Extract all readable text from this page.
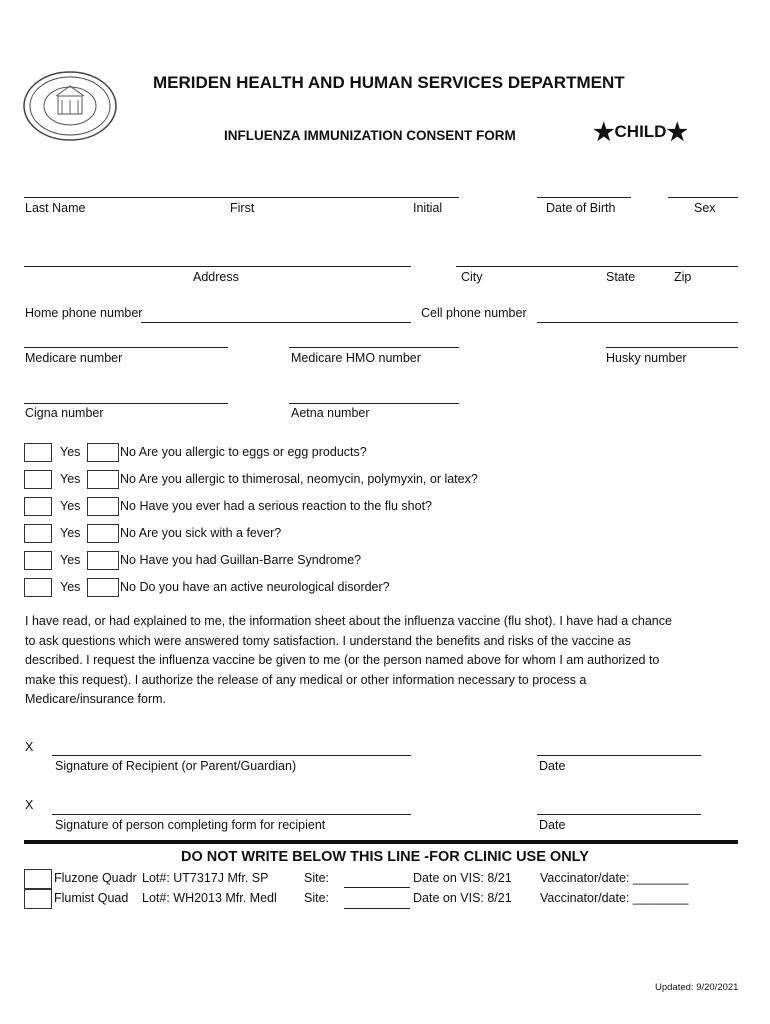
MERIDEN HEALTH AND HUMAN SERVICES DEPARTMENT
INFLUENZA IMMUNIZATION CONSENT FORM	★CHILD★
Last Name	First	Initial	Date of Birth	Sex
Address	City	State	Zip
Home phone number	Cell phone number
Medicare number	Medicare HMO number	Husky number
Cigna number	Aetna number
Yes	No Are you allergic to eggs or egg products?
Yes	No Are you allergic to thimerosal, neomycin, polymyxin, or latex?
Yes	No Have you ever had a serious reaction to the flu shot?
Yes	No Are you sick with a fever?
Yes	No Have you had Guillan-Barre Syndrome?
Yes	No Do you have an active neurological disorder?
I have read, or had explained to me, the information sheet about the influenza vaccine (flu shot). I have had a chance
to ask questions which were answered tomy satisfaction. I understand the benefits and risks of the vaccine as
described. I request the influenza vaccine be given to me (or the person named above for whom I am authorized to
make this request). I authorize the release of any medical or other information necessary to process a
Medicare/insurance form.
X
Signature of Recipient (or Parent/Guardian)	Date
X
Signature of person completing form for recipient	Date
DO NOT WRITE BELOW THIS LINE -FOR CLINIC USE ONLY
Fluzone Quadr Lot#: UT7317J Mfr. SP	Site:	Date on VIS: 8/21 Vaccinator/date: ________
Flumist Quad	Lot#: WH2013 Mfr. Medl	Site:	Date on VIS: 8/21 Vaccinator/date: ________
Updated: 9/20/2021
